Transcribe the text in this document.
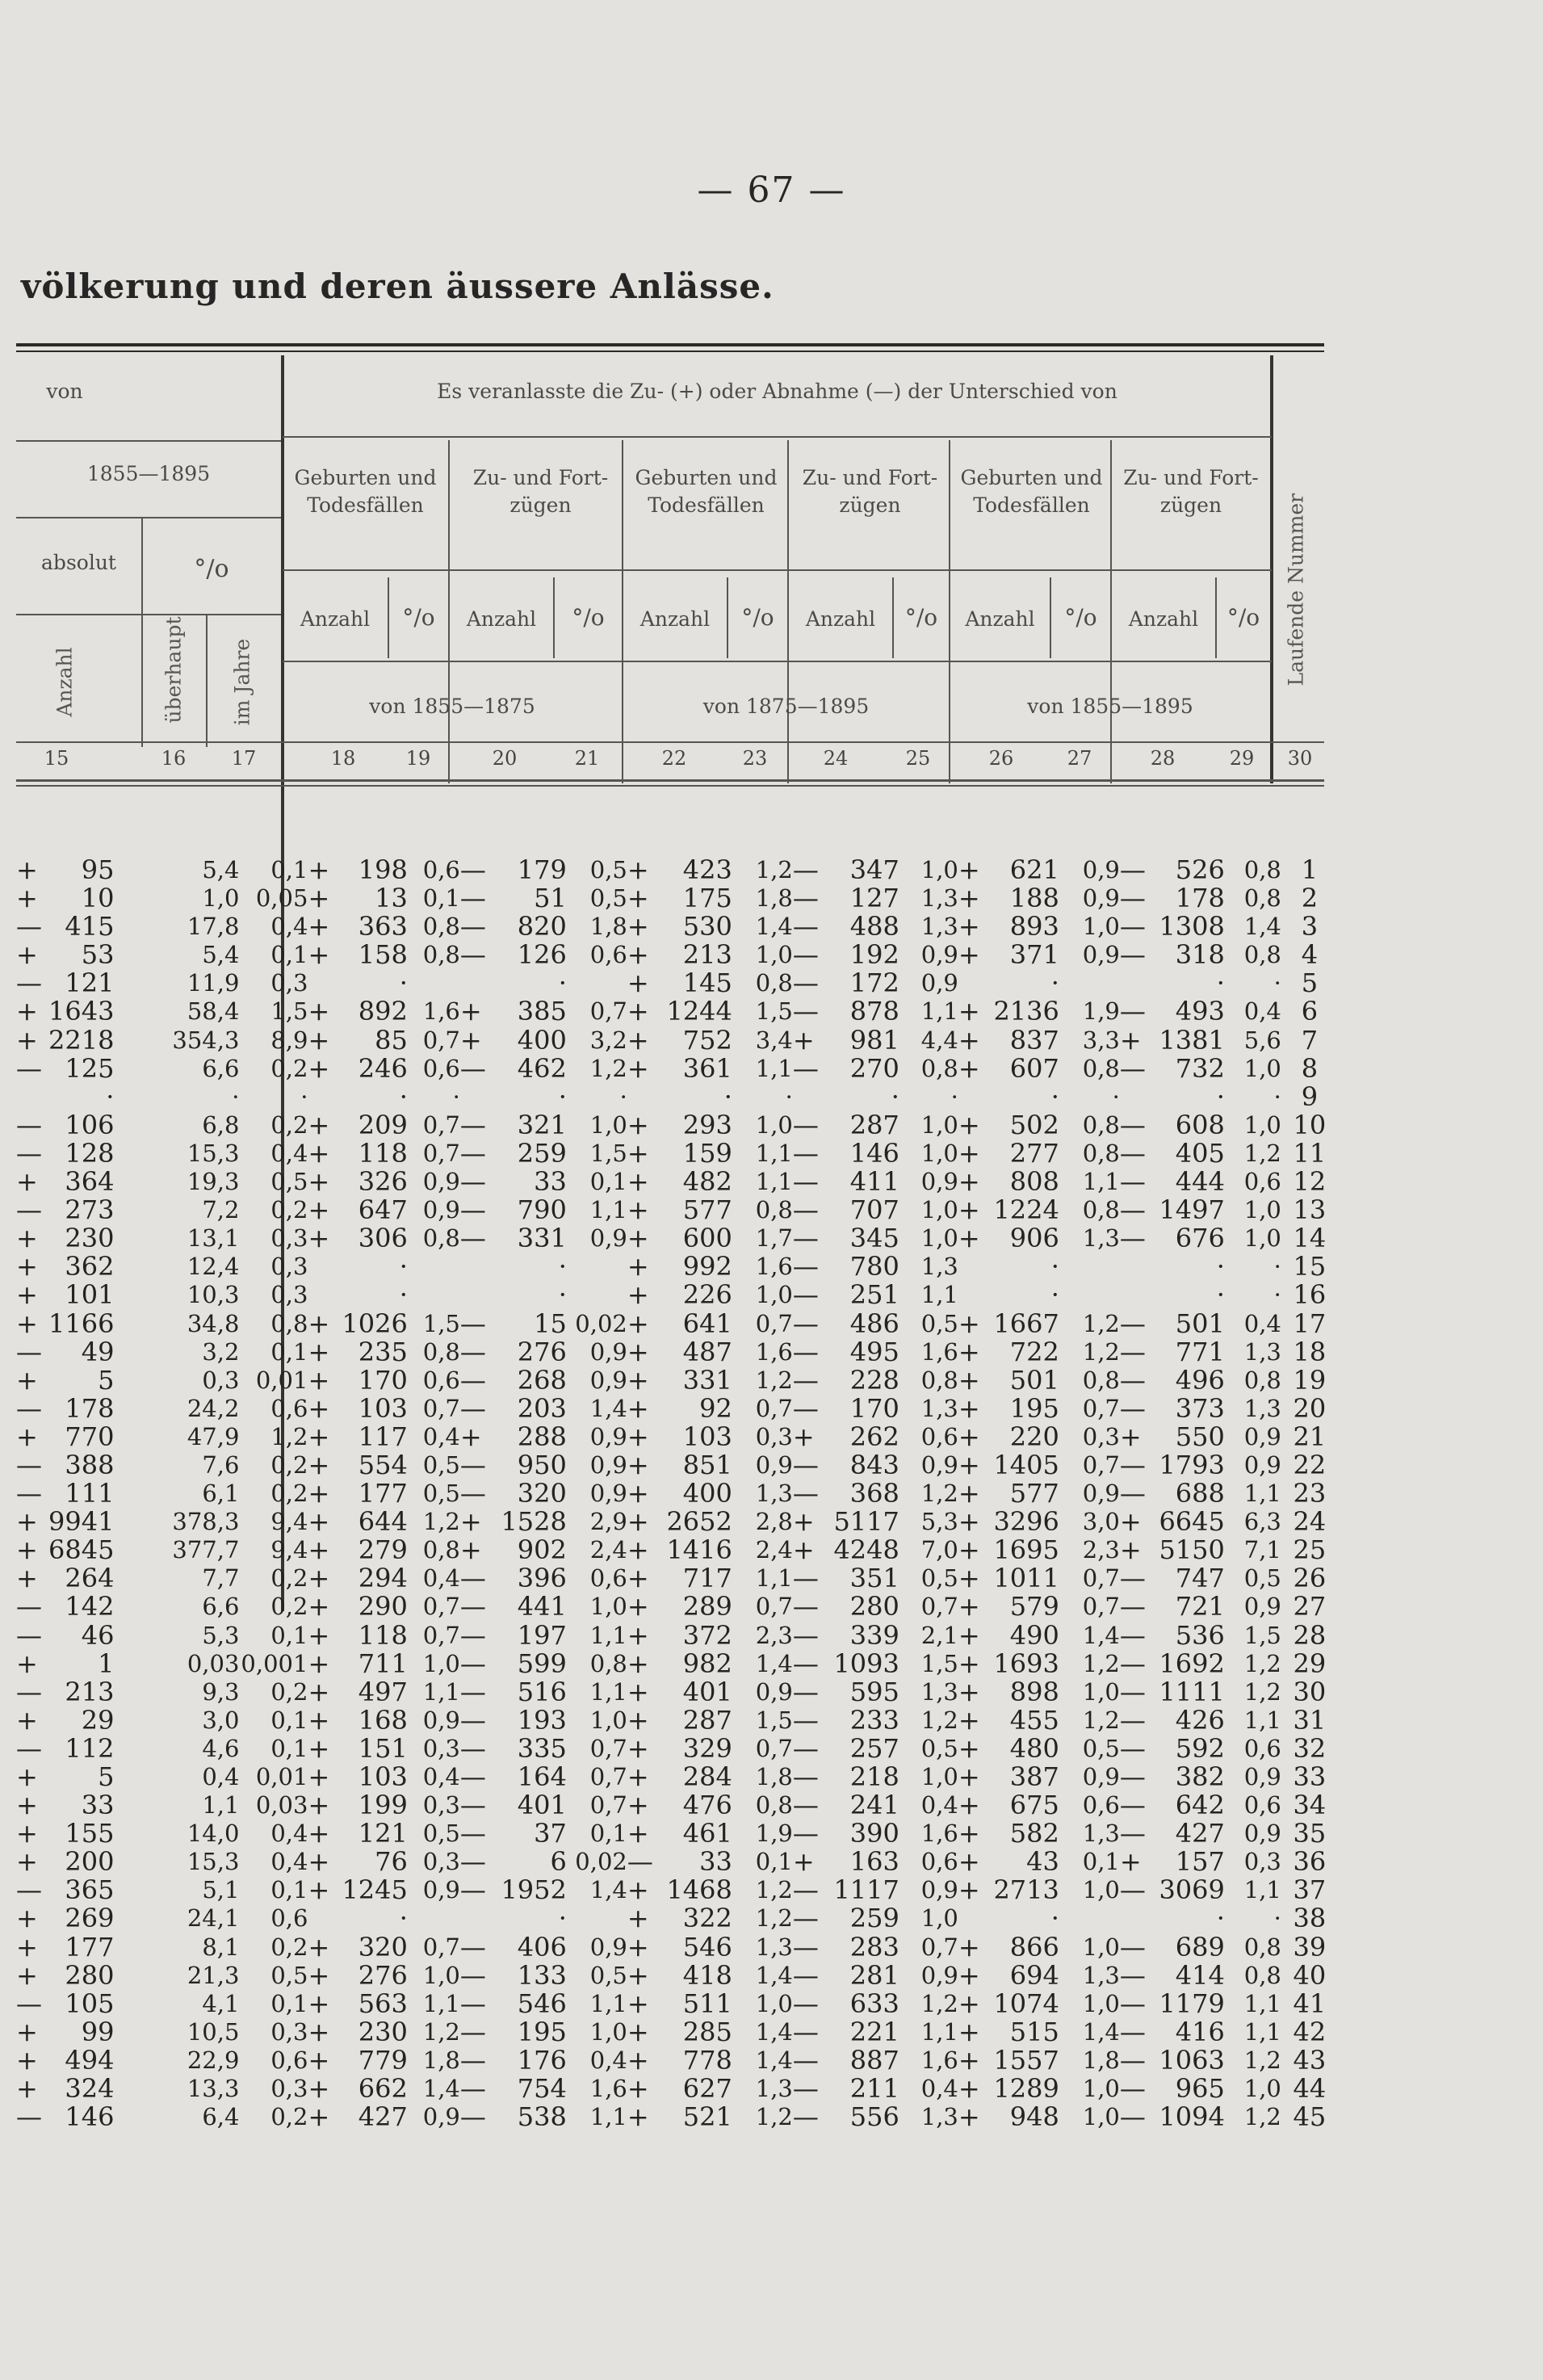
— 67 —
völkerung und deren äussere Anlässe.
von	Es veranlasste die Zu- (+) oder Abnahme (—) der Unterschied von
1855—1895
absolut	°/o
Anzahl	überhaupt im Jahre
Geburten und Todesfällen
Zu- und Fort- zügen
Geburten und Todesfällen
Zu- und Fort- zügen
Geburten und Todesfällen
Zu- und Fort- zügen
Anzahl	°/o	Anzahl	°/o	Anzahl	°/o	Anzahl	°/o	Anzahl	°/o	Anzahl	°/o
von 1855—1875	von 1875—1895	von 1855—1895
Laufende Nummer
15	16	17	18	19	20	21	22	23	24	25	26	27	28	29	30
+	95	5,4	0,1	+	198	0,6	—	179	0,5	+	423	1,2	—	347	1,0	+	621	0,9	—	526	0,8	1
+	10	1,0	0,05	+	13	0,1	—	51	0,5	+	175	1,8	—	127	1,3	+	188	0,9	—	178	0,8	2
—	415	17,8	0,4	+	363	0,8	—	820	1,8	+	530	1,4	—	488	1,3	+	893	1,0	—	1308	1,4	3
+	53	5,4	0,1	+	158	0,8	—	126	0,6	+	213	1,0	—	192	0,9	+	371	0,9	—	318	0,8	4
—	121	11,9	0,3		·			·		+	145	0,8	—	172	0,9		·			·	·	5
+	1643	58,4	1,5	+	892	1,6	+	385	0,7	+	1244	1,5	—	878	1,1	+	2136	1,9	—	493	0,4	6
+	2218	354,3	8,9	+	85	0,7	+	400	3,2	+	752	3,4	+	981	4,4	+	837	3,3	+	1381	5,6	7
—	125	6,6	0,2	+	246	0,6	—	462	1,2	+	361	1,1	—	270	0,8	+	607	0,8	—	732	1,0	8
	·	·	·		·	·		·	·		·	·		·	·		·	·		·	·	9
—	106	6,8	0,2	+	209	0,7	—	321	1,0	+	293	1,0	—	287	1,0	+	502	0,8	—	608	1,0	10
—	128	15,3	0,4	+	118	0,7	—	259	1,5	+	159	1,1	—	146	1,0	+	277	0,8	—	405	1,2	11
+	364	19,3	0,5	+	326	0,9	—	33	0,1	+	482	1,1	—	411	0,9	+	808	1,1	—	444	0,6	12
—	273	7,2	0,2	+	647	0,9	—	790	1,1	+	577	0,8	—	707	1,0	+	1224	0,8	—	1497	1,0	13
+	230	13,1	0,3	+	306	0,8	—	331	0,9	+	600	1,7	—	345	1,0	+	906	1,3	—	676	1,0	14
+	362	12,4	0,3		·			·		+	992	1,6	—	780	1,3		·			·	·	15
+	101	10,3	0,3		·			·		+	226	1,0	—	251	1,1		·			·	·	16
+	1166	34,8	0,8	+	1026	1,5	—	15	0,02	+	641	0,7	—	486	0,5	+	1667	1,2	—	501	0,4	17
—	49	3,2	0,1	+	235	0,8	—	276	0,9	+	487	1,6	—	495	1,6	+	722	1,2	—	771	1,3	18
+	5	0,3	0,01	+	170	0,6	—	268	0,9	+	331	1,2	—	228	0,8	+	501	0,8	—	496	0,8	19
—	178	24,2	0,6	+	103	0,7	—	203	1,4	+	92	0,7	—	170	1,3	+	195	0,7	—	373	1,3	20
+	770	47,9	1,2	+	117	0,4	+	288	0,9	+	103	0,3	+	262	0,6	+	220	0,3	+	550	0,9	21
—	388	7,6	0,2	+	554	0,5	—	950	0,9	+	851	0,9	—	843	0,9	+	1405	0,7	—	1793	0,9	22
—	111	6,1	0,2	+	177	0,5	—	320	0,9	+	400	1,3	—	368	1,2	+	577	0,9	—	688	1,1	23
+	9941	378,3	9,4	+	644	1,2	+	1528	2,9	+	2652	2,8	+	5117	5,3	+	3296	3,0	+	6645	6,3	24
+	6845	377,7	9,4	+	279	0,8	+	902	2,4	+	1416	2,4	+	4248	7,0	+	1695	2,3	+	5150	7,1	25
+	264	7,7	0,2	+	294	0,4	—	396	0,6	+	717	1,1	—	351	0,5	+	1011	0,7	—	747	0,5	26
—	142	6,6	0,2	+	290	0,7	—	441	1,0	+	289	0,7	—	280	0,7	+	579	0,7	—	721	0,9	27
—	46	5,3	0,1	+	118	0,7	—	197	1,1	+	372	2,3	—	339	2,1	+	490	1,4	—	536	1,5	28
+	1	0,03	0,001	+	711	1,0	—	599	0,8	+	982	1,4	—	1093	1,5	+	1693	1,2	—	1692	1,2	29
—	213	9,3	0,2	+	497	1,1	—	516	1,1	+	401	0,9	—	595	1,3	+	898	1,0	—	1111	1,2	30
+	29	3,0	0,1	+	168	0,9	—	193	1,0	+	287	1,5	—	233	1,2	+	455	1,2	—	426	1,1	31
—	112	4,6	0,1	+	151	0,3	—	335	0,7	+	329	0,7	—	257	0,5	+	480	0,5	—	592	0,6	32
+	5	0,4	0,01	+	103	0,4	—	164	0,7	+	284	1,8	—	218	1,0	+	387	0,9	—	382	0,9	33
+	33	1,1	0,03	+	199	0,3	—	401	0,7	+	476	0,8	—	241	0,4	+	675	0,6	—	642	0,6	34
+	155	14,0	0,4	+	121	0,5	—	37	0,1	+	461	1,9	—	390	1,6	+	582	1,3	—	427	0,9	35
+	200	15,3	0,4	+	76	0,3	—	6	0,02	—	33	0,1	+	163	0,6	+	43	0,1	+	157	0,3	36
—	365	5,1	0,1	+	1245	0,9	—	1952	1,4	+	1468	1,2	—	1117	0,9	+	2713	1,0	—	3069	1,1	37
+	269	24,1	0,6		·			·		+	322	1,2	—	259	1,0		·			·	·	38
+	177	8,1	0,2	+	320	0,7	—	406	0,9	+	546	1,3	—	283	0,7	+	866	1,0	—	689	0,8	39
+	280	21,3	0,5	+	276	1,0	—	133	0,5	+	418	1,4	—	281	0,9	+	694	1,3	—	414	0,8	40
—	105	4,1	0,1	+	563	1,1	—	546	1,1	+	511	1,0	—	633	1,2	+	1074	1,0	—	1179	1,1	41
+	99	10,5	0,3	+	230	1,2	—	195	1,0	+	285	1,4	—	221	1,1	+	515	1,4	—	416	1,1	42
+	494	22,9	0,6	+	779	1,8	—	176	0,4	+	778	1,4	—	887	1,6	+	1557	1,8	—	1063	1,2	43
+	324	13,3	0,3	+	662	1,4	—	754	1,6	+	627	1,3	—	211	0,4	+	1289	1,0	—	965	1,0	44
—	146	6,4	0,2	+	427	0,9	—	538	1,1	+	521	1,2	—	556	1,3	+	948	1,0	—	1094	1,2	45
